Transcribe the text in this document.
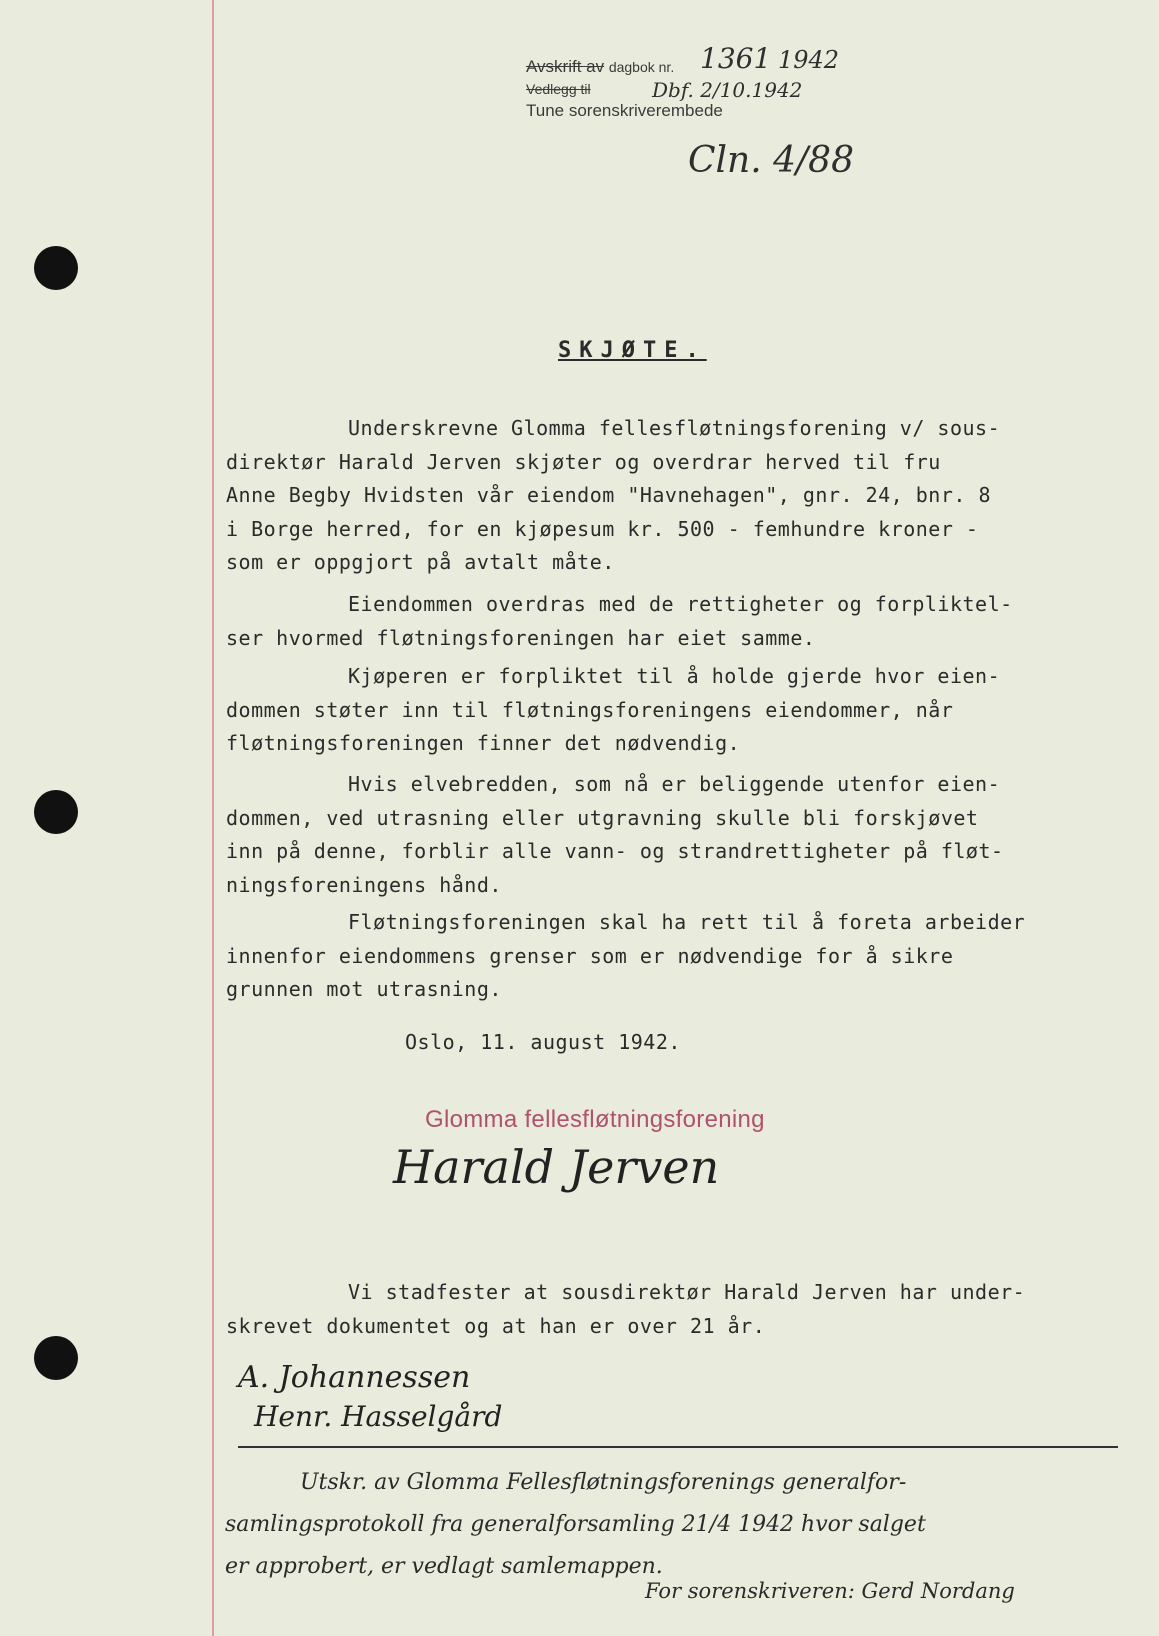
Avskrift av dagbok nr.
Vedlegg til
Tune sorenskriverembede
1361 1942
Dbf. 2/10.1942
Cln. 4/88
SKJØTE.
Underskrevne Glomma fellesfløtningsforening v/ sous-
direktør Harald Jerven skjøter og overdrar herved til fru
Anne Begby Hvidsten vår eiendom "Havnehagen", gnr. 24, bnr. 8
i Borge herred, for en kjøpesum kr. 500 - femhundre kroner -
som er oppgjort på avtalt måte.
Eiendommen overdras med de rettigheter og forpliktel-
ser hvormed fløtningsforeningen har eiet samme.
Kjøperen er forpliktet til å holde gjerde hvor eien-
dommen støter inn til fløtningsforeningens eiendommer, når
fløtningsforeningen finner det nødvendig.
Hvis elvebredden, som nå er beliggende utenfor eien-
dommen, ved utrasning eller utgravning skulle bli forskjøvet
inn på denne, forblir alle vann- og strandrettigheter på fløt-
ningsforeningens hånd.
Fløtningsforeningen skal ha rett til å foreta arbeider
innenfor eiendommens grenser som er nødvendige for å sikre
grunnen mot utrasning.
Oslo, 11. august 1942.
Glomma fellesfløtningsforening
Harald Jerven
Vi stadfester at sousdirektør Harald Jerven har under-
skrevet dokumentet og at han er over 21 år.
A. Johannessen
Henr. Hasselgård
Utskr. av Glomma Fellesfløtningsforenings generalfor-
samlingsprotokoll fra generalforsamling 21/4 1942 hvor salget
er approbert, er vedlagt samlemappen.
For sorenskriveren: Gerd Nordang
